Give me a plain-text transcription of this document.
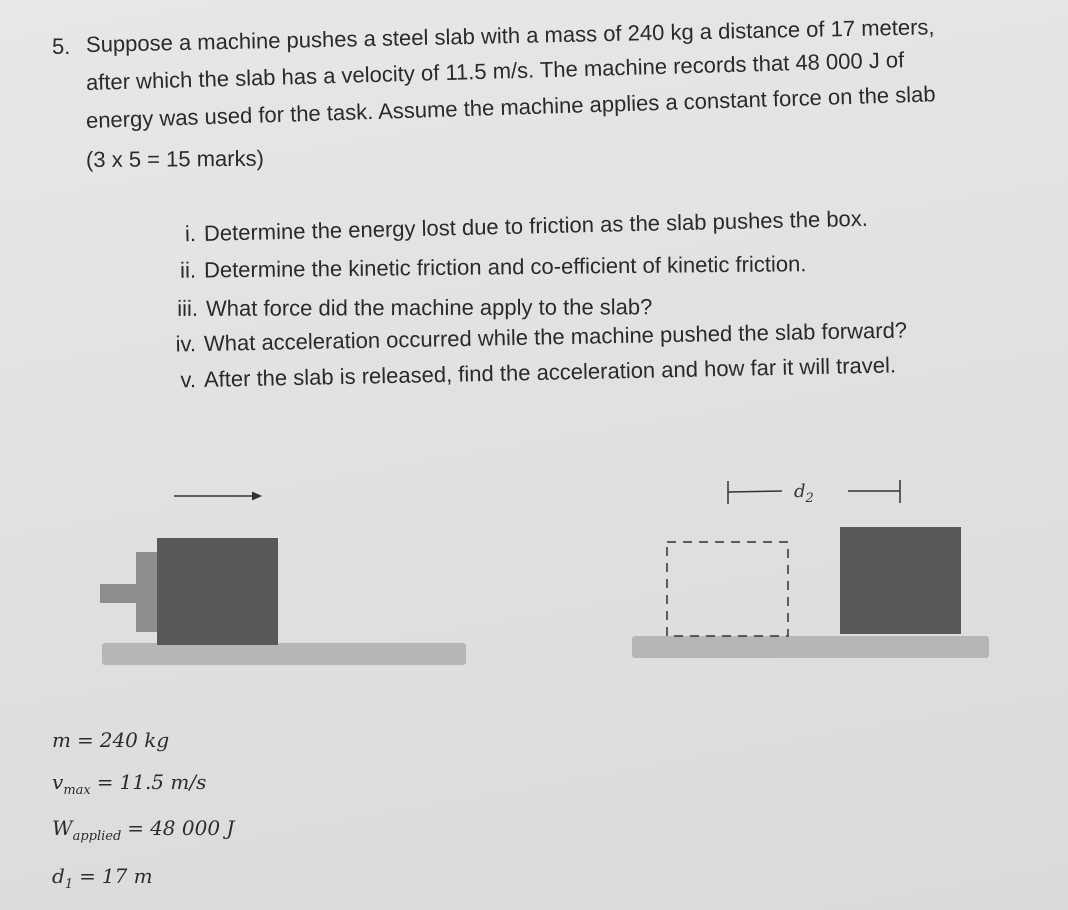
5. Suppose a machine pushes a steel slab with a mass of 240 kg a distance of 17 meters,
after which the slab has a velocity of 11.5 m/s. The machine records that 48 000 J of
energy was used for the task. Assume the machine applies a constant force on the slab
(3 x 5 = 15 marks)
i. Determine the energy lost due to friction as the slab pushes the box.
ii. Determine the kinetic friction and co-efficient of kinetic friction.
iii. What force did the machine apply to the slab?
iv. What acceleration occurred while the machine pushed the slab forward?
v. After the slab is released, find the acceleration and how far it will travel.
$d_2$
m = 240 kg
$v_{max} = 11.5$ m/s
$W_{applied} = 48$ 000 J
$d_1 = 17$ m
